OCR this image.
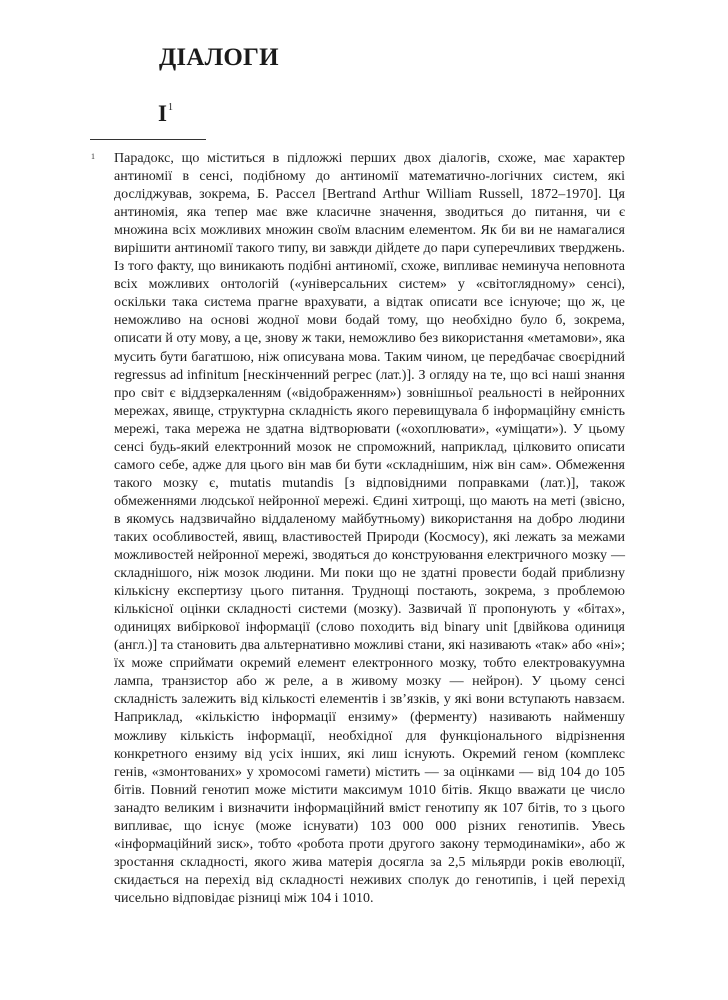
ДІАЛОГИ
$I^1$
1 Парадокс, що міститься в підложжі перших двох діалогів, схоже, має характер антиномії в сенсі, подібному до антиномії математично-логічних систем, які досліджував, зокрема, Б. Рассел [Bertrand Arthur William Russell, 1872–1970]. Ця антиномія, яка тепер має вже класичне значення, зводиться до питання, чи є множина всіх можливих множин своїм власним елементом. Як би ви не намагалися вирішити антиномії такого типу, ви завжди дійдете до пари суперечливих тверджень. Із того факту, що виникають подібні антиномії, схоже, випливає неминуча неповнота всіх можливих онтологій («універсальних систем» у «світоглядному» сенсі), оскільки така система прагне врахувати, а відтак описати все існуюче; що ж, це неможливо на основі жодної мови бодай тому, що необхідно було б, зокрема, описати й оту мову, а це, знову ж таки, неможливо без використання «метамови», яка мусить бути багатшою, ніж описувана мова. Таким чином, це передбачає своєрідний regressus ad infinitum [нескінченний регрес (лат.)]. З огляду на те, що всі наші знання про світ є віддзеркаленням («відображенням») зовнішньої реальності в нейронних мережах, явище, структурна складність якого перевищувала б інформаційну ємність мережі, така мережа не здатна відтворювати («охоплювати», «уміщати»). У цьому сенсі будь-який електронний мозок не спроможний, наприклад, цілковито описати самого себе, адже для цього він мав би бути «складнішим, ніж він сам». Обмеження такого мозку є, mutatis mutandis [з відповідними поправками (лат.)], також обмеженнями людської нейронної мережі. Єдині хитрощі, що мають на меті (звісно, в якомусь надзвичайно віддаленому майбутньому) використання на добро людини таких особливостей, явищ, властивостей Природи (Космосу), які лежать за межами можливостей нейронної мережі, зводяться до конструювання електричного мозку — складнішого, ніж мозок людини. Ми поки що не здатні провести бодай приблизну кількісну експертизу цього питання. Труднощі постають, зокрема, з проблемою кількісної оцінки складності системи (мозку). Зазвичай її пропонують у «бітах», одиницях вибіркової інформації (слово походить від binary unit [двійкова одиниця (англ.)] та становить два альтернативно можливі стани, які називають «так» або «ні»; їх може сприймати окремий елемент електронного мозку, тобто електровакуумна лампа, транзистор або ж реле, а в живому мозку — нейрон). У цьому сенсі складність залежить від кількості елементів і зв’язків, у які вони вступають навзаєм. Наприклад, «кількістю інформації ензиму» (ферменту) називають найменшу можливу кількість інформації, необхідної для функціонального відрізнення конкретного ензиму від усіх інших, які лиш існують. Окремий геном (комплекс генів, «змонтованих» у хромосомі гамети) містить — за оцінками — від 104 до 105 бітів. Повний генотип може містити максимум 1010 бітів. Якщо вважати це число занадто великим і визначити інформаційний вміст генотипу як 107 бітів, то з цього випливає, що існує (може існувати) 103 000 000 різних генотипів. Увесь «інформаційний зиск», тобто «робота проти другого закону термодинаміки», або ж зростання складності, якого жива матерія досягла за 2,5 мільярди років еволюції, скидається на перехід від складності неживих сполук до генотипів, і цей перехід чисельно відповідає різниці між 104 і 1010.
